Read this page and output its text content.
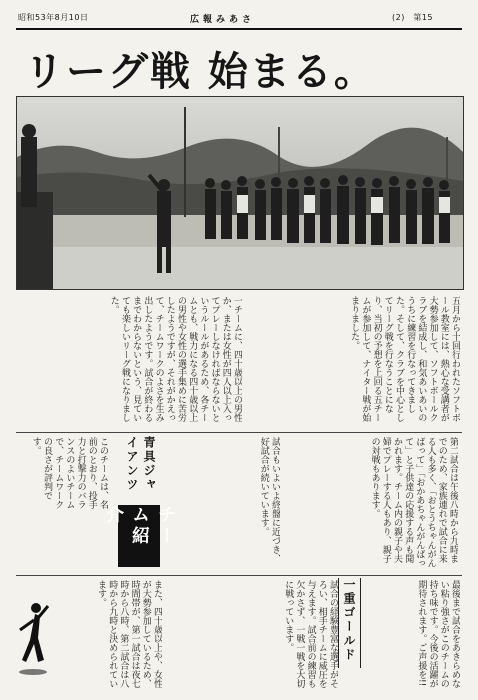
昭和53年8月10日	広報みあさ	(2)　第15
リーグ戦 始まる。
五月から十回行われたソフトボール教室には、熱心な受講者が大勢参加して、ソフトボールクラブを結成し、和気あいあいのうちに練習を行なってきました。そして、クラブを中心としてリーグ戦を行なうことになり、当初の予想を上回る五チームが参加して、ナイター戦が始まりました。
一チームに、四十歳以上の男性か、または女性が四人以上入ってプレーしなければならないというルールがあるため、各チームとも、戦力になる四十歳以上の男性や女性の選手集めに苦労したようですが、それがかえって、チームワークのよさを生み出したようです。試合が終わるまでわからないという、見ていても楽しいリーグ戦になりました。
第二試合は午後八時から九時までのため、家族連れで試合に来る人も多く、「おとうちゃんがんばって」「おかあちゃんがんばって」と子供達の応援する声も聞かれます。チーム内の親子や夫婦でプレーする人もあり、親子の対戦もあります。
試合もいよいよ終盤に近づき、好試合が続いています。
青具ジャイアンツ
チーム紹介
このチームは、名前のとおり、投手力と打撃力のバランスのよいチームで、チームワークの良さが評判です。
最後まで試合をあきらめない粘り強さがこのチームの持ち味です。今後の活躍が期待されます。ご声援を!!
一重ゴールド
試合の経験豊富な選手がそろい、相手チームに威圧を与えます。試合前の練習も欠かさず、一戦一戦を大切に戦っています。
また、四十歳以上や、女性が大勢参加しているため、時間帯が、第一試合は夜七時から八時、第二試合は八時から九時と決められています。
